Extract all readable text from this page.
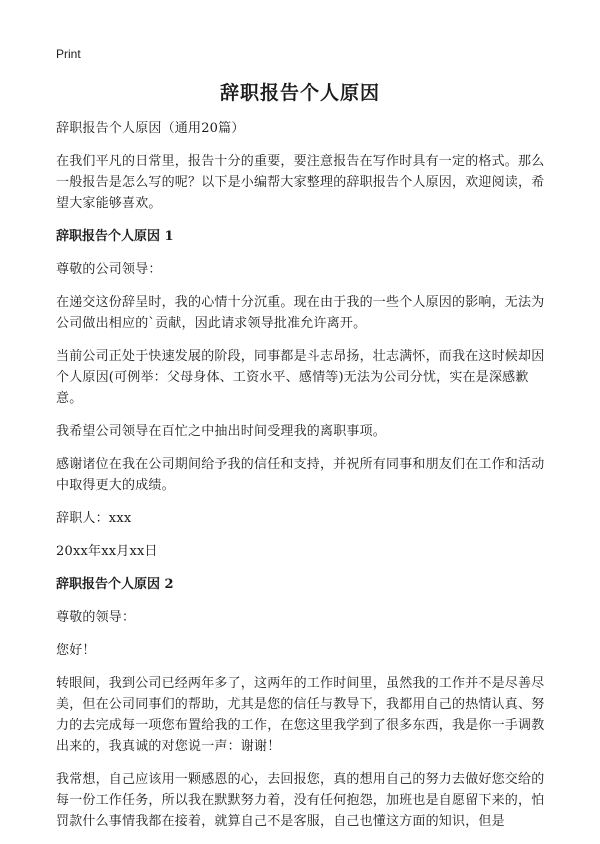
Print
辞职报告个人原因

辞职报告个人原因（通用20篇）

在我们平凡的日常里，报告十分的重要，要注意报告在写作时具有一定的格式。那么一般报告是怎么写的呢？以下是小编帮大家整理的辞职报告个人原因，欢迎阅读，希望大家能够喜欢。

辞职报告个人原因 1

尊敬的公司领导：

在递交这份辞呈时，我的心情十分沉重。现在由于我的一些个人原因的影响，无法为公司做出相应的`贡献，因此请求领导批准允许离开。

当前公司正处于快速发展的阶段，同事都是斗志昂扬，壮志满怀，而我在这时候却因个人原因(可例举：父母身体、工资水平、感情等)无法为公司分忧，实在是深感歉意。

我希望公司领导在百忙之中抽出时间受理我的离职事项。

感谢诸位在我在公司期间给予我的信任和支持，并祝所有同事和朋友们在工作和活动中取得更大的成绩。

辞职人：xxx

20xx年xx月xx日

辞职报告个人原因 2

尊敬的领导：

您好！

转眼间，我到公司已经两年多了，这两年的工作时间里，虽然我的工作并不是尽善尽美，但在公司同事们的帮助，尤其是您的信任与教导下，我都用自己的热情认真、努力的去完成每一项您布置给我的工作，在您这里我学到了很多东西，我是你一手调教出来的，我真诚的对您说一声：谢谢！

我常想，自己应该用一颗感恩的心，去回报您，真的想用自己的努力去做好您交给的每一份工作任务，所以我在默默努力着，没有任何抱怨，加班也是自愿留下来的，怕罚款什么事情我都在接着，就算自己不是客服，自己也懂这方面的知识，但是
